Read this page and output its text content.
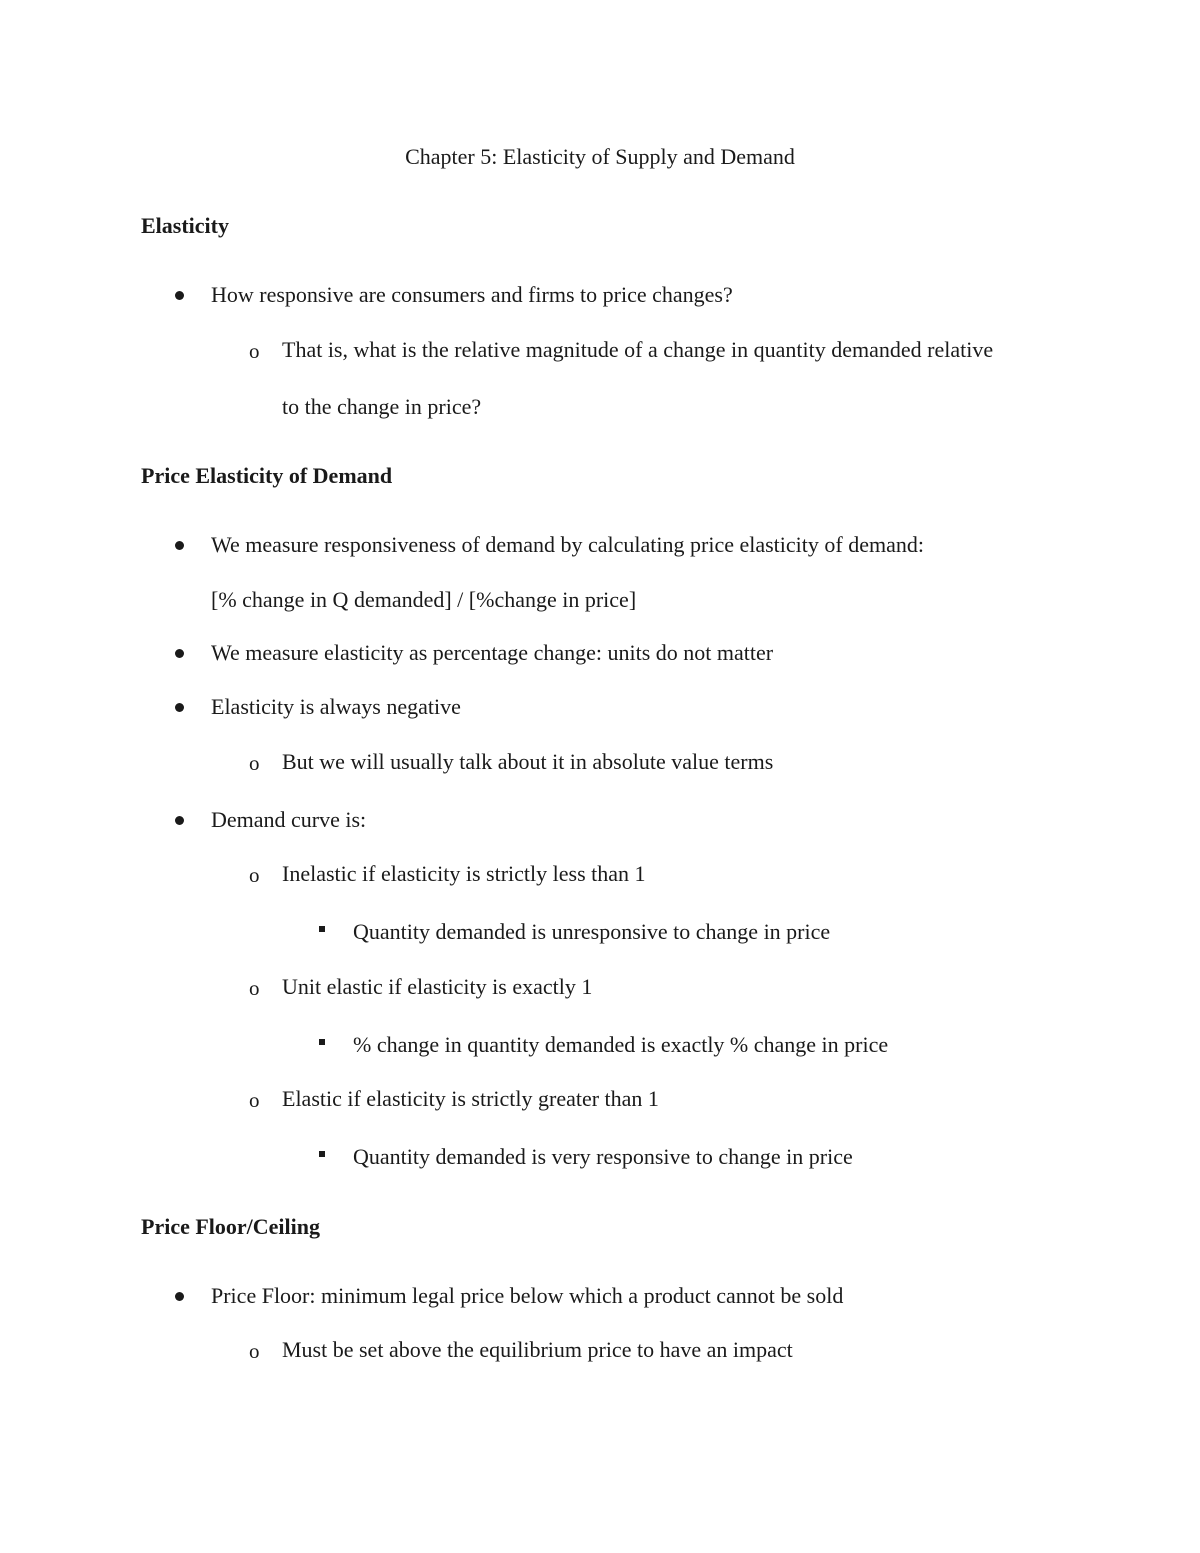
Chapter 5: Elasticity of Supply and Demand
Elasticity
How responsive are consumers and firms to price changes?
o That is, what is the relative magnitude of a change in quantity demanded relative
to the change in price?
Price Elasticity of Demand
We measure responsiveness of demand by calculating price elasticity of demand:
[% change in Q demanded] / [%change in price]
We measure elasticity as percentage change: units do not matter
Elasticity is always negative
o But we will usually talk about it in absolute value terms
Demand curve is:
o Inelastic if elasticity is strictly less than 1
Quantity demanded is unresponsive to change in price
o Unit elastic if elasticity is exactly 1
% change in quantity demanded is exactly % change in price
o Elastic if elasticity is strictly greater than 1
Quantity demanded is very responsive to change in price
Price Floor/Ceiling
Price Floor: minimum legal price below which a product cannot be sold
o Must be set above the equilibrium price to have an impact
